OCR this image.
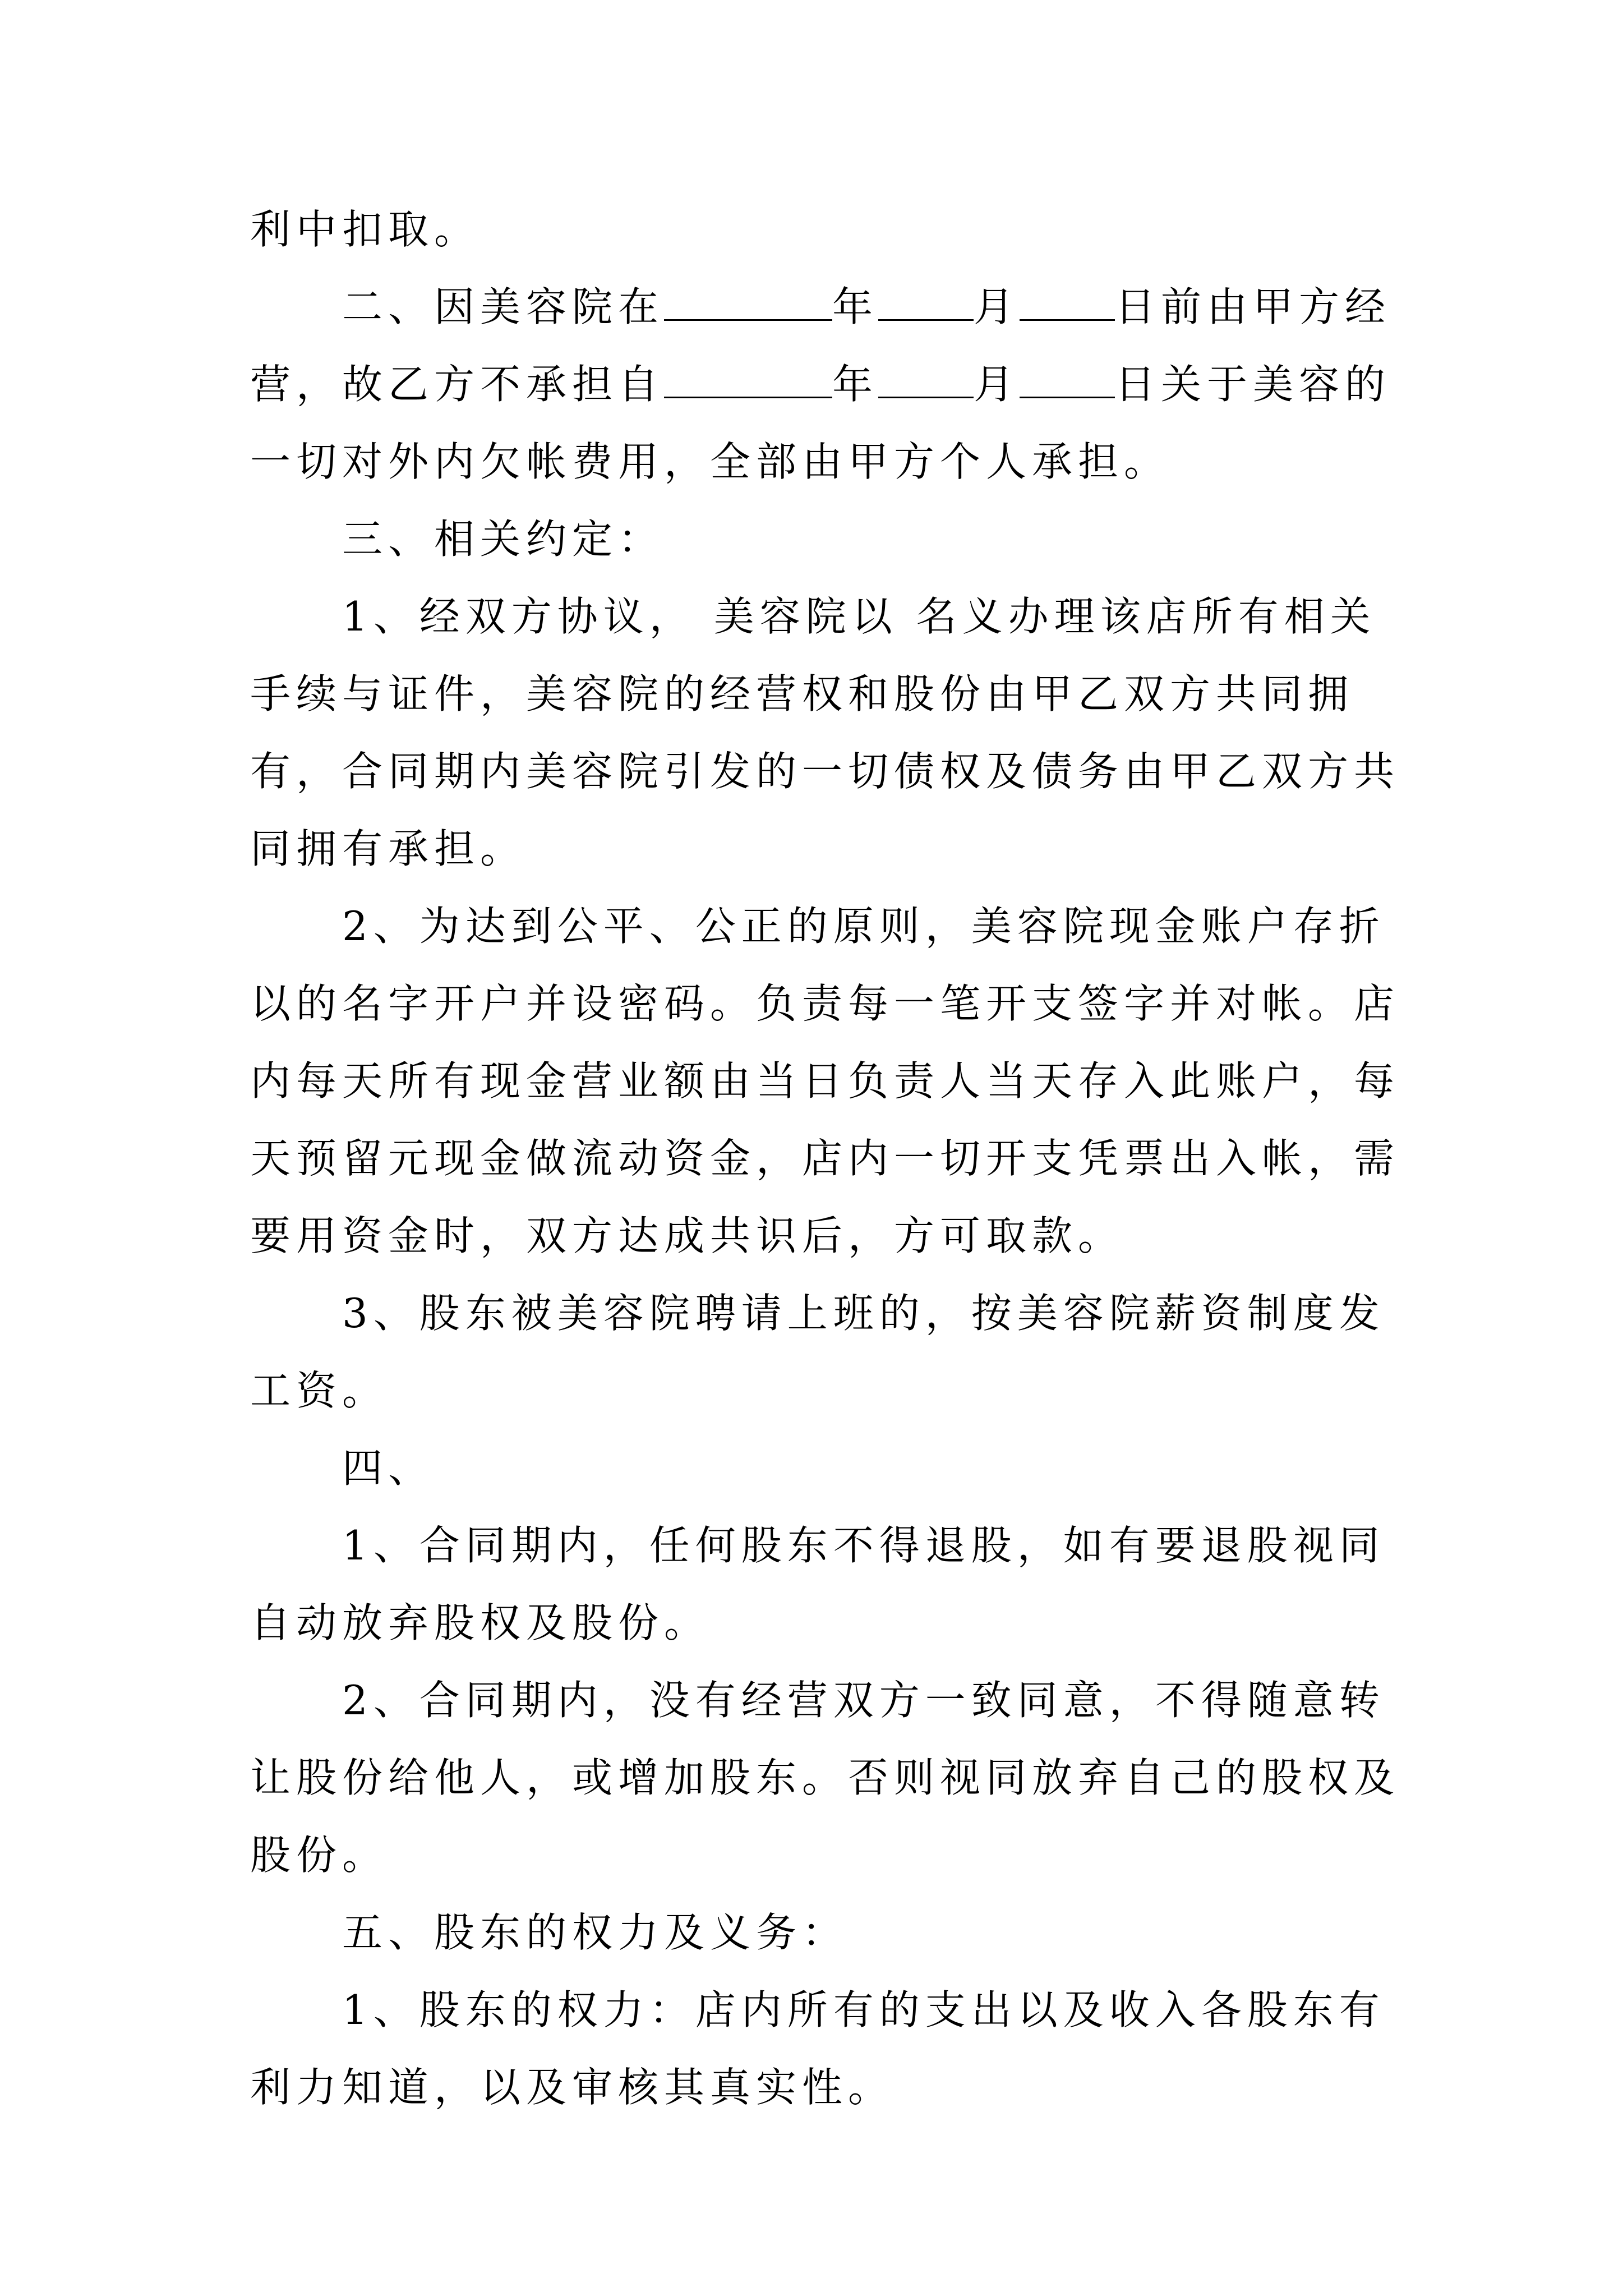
利中扣取。

二、因美容院在	年 月 日前由甲方经营，故乙方不承担自	年 月 日关于美容的一切对外内欠帐费用，全部由甲方个人承担。

三、相关约定：

1、经双方协议， 美容院以 名义办理该店所有相关手续与证件，美容院的经营权和股份由甲乙双方共同拥有，合同期内美容院引发的一切债权及债务由甲乙双方共同拥有承担。

2、为达到公平、公正的原则，美容院现金账户存折以的名字开户并设密码。负责每一笔开支签字并对帐。店内每天所有现金营业额由当日负责人当天存入此账户，每天预留元现金做流动资金，店内一切开支凭票出入帐，需要用资金时，双方达成共识后，方可取款。

3、股东被美容院聘请上班的，按美容院薪资制度发工资。

四、

1、合同期内，任何股东不得退股，如有要退股视同自动放弃股权及股份。

2、合同期内，没有经营双方一致同意，不得随意转让股份给他人，或增加股东。否则视同放弃自己的股权及股份。

五、股东的权力及义务：

1、股东的权力：店内所有的支出以及收入各股东有利力知道，以及审核其真实性。
